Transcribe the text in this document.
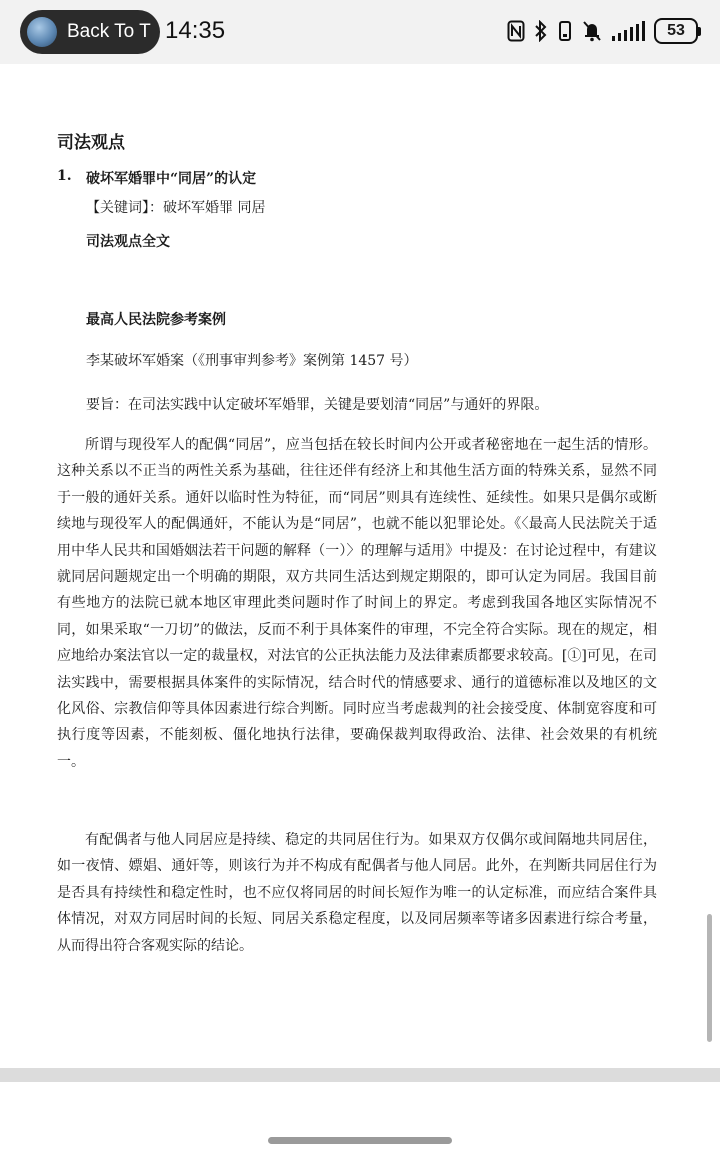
Back To T 14:35	53
司法观点
1.	破坏军婚罪中“同居”的认定
【关键词】：破坏军婚罪 同居
司法观点全文
最高人民法院参考案例
李某破坏军婚案（《刑事审判参考》案例第 1457 号）
要旨：在司法实践中认定破坏军婚罪，关键是要划清“同居”与通奸的界限。

所谓与现役军人的配偶“同居”，应当包括在较长时间内公开或者秘密地在一起生活的情形。这种关系以不正当的两性关系为基础，往往还伴有经济上和其他生活方面的特殊关系，显然不同于一般的通奸关系。通奸以临时性为特征，而“同居”则具有连续性、延续性。如果只是偶尔或断续地与现役军人的配偶通奸，不能认为是“同居”，也就不能以犯罪论处。《〈最高人民法院关于适用中华人民共和国婚姻法若干问题的解释（一）〉的理解与适用》中提及：在讨论过程中，有建议就同居问题规定出一个明确的期限，双方共同生活达到规定期限的，即可认定为同居。我国目前有些地方的法院已就本地区审理此类问题时作了时间上的界定。考虑到我国各地区实际情况不同，如果采取“一刀切”的做法，反而不利于具体案件的审理，不完全符合实际。现在的规定，相应地给办案法官以一定的裁量权，对法官的公正执法能力及法律素质都要求较高。[①]可见，在司法实践中，需要根据具体案件的实际情况，结合时代的情感要求、通行的道德标准以及地区的文化风俗、宗教信仰等具体因素进行综合判断。同时应当考虑裁判的社会接受度、体制宽容度和可执行度等因素，不能刻板、僵化地执行法律，要确保裁判取得政治、法律、社会效果的有机统一。

有配偶者与他人同居应是持续、稳定的共同居住行为。如果双方仅偶尔或间隔地共同居住，如一夜情、嫖娼、通奸等，则该行为并不构成有配偶者与他人同居。此外，在判断共同居住行为是否具有持续性和稳定性时，也不应仅将同居的时间长短作为唯一的认定标准，而应结合案件具体情况，对双方同居时间的长短、同居关系稳定程度，以及同居频率等诸多因素进行综合考量，从而得出符合客观实际的结论。
